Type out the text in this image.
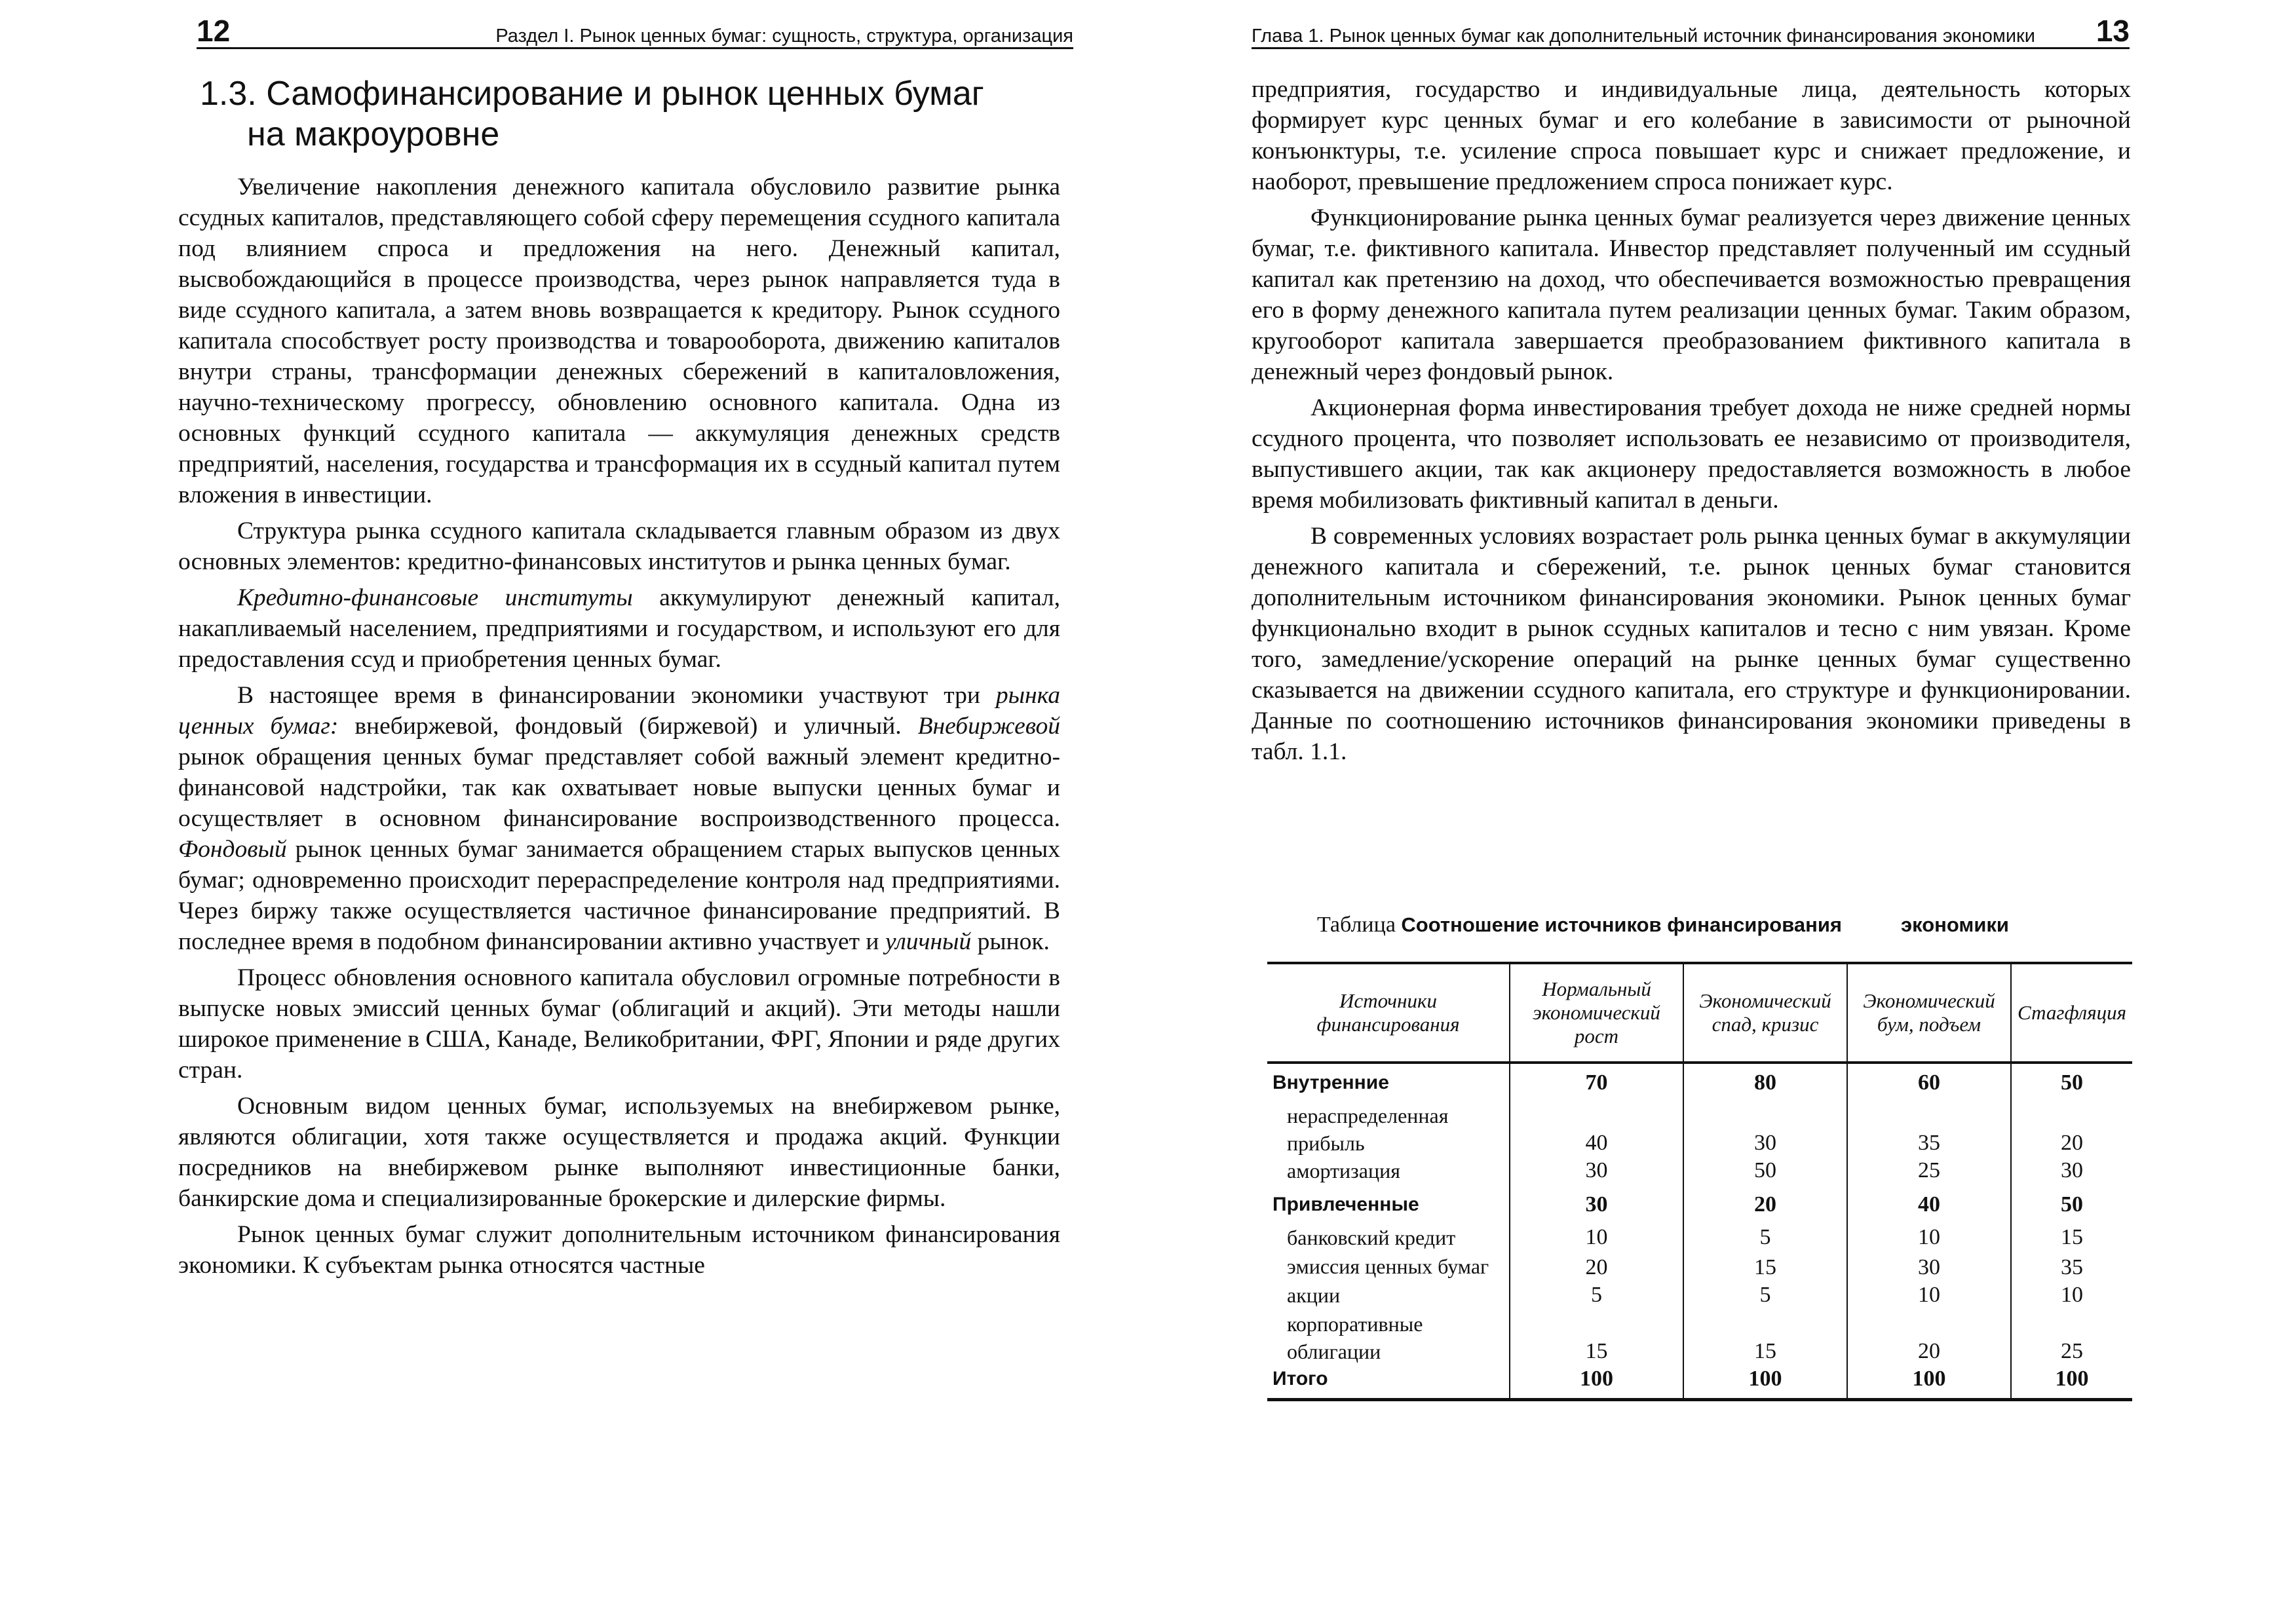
12	Раздел I. Рынок ценных бумаг: сущность, структура, организация
1.3. Самофинансирование и рынок ценных бумаг
на макроуровне

Увеличение накопления денежного капитала обусловило развитие рынка ссудных капиталов, представляющего собой сферу перемещения ссудного капитала под влиянием спроса и предложения на него. Денежный капитал, высвобождающийся в процессе производства, через рынок направляется туда в виде ссудного капитала, а затем вновь возвращается к кредитору. Рынок ссудного капитала способствует росту производства и товарооборота, движению капиталов внутри страны, трансформации денежных сбережений в капиталовложения, научно-техническому прогрессу, обновлению основного капитала. Одна из основных функций ссудного капитала — аккумуляция денежных средств предприятий, населения, государства и трансформация их в ссудный капитал путем вложения в инвестиции.

Структура рынка ссудного капитала складывается главным образом из двух основных элементов: кредитно-финансовых институтов и рынка ценных бумаг.

Кредитно-финансовые институты аккумулируют денежный капитал, накапливаемый населением, предприятиями и государством, и используют его для предоставления ссуд и приобретения ценных бумаг.

В настоящее время в финансировании экономики участвуют три рынка ценных бумаг: внебиржевой, фондовый (биржевой) и уличный. Внебиржевой рынок обращения ценных бумаг представляет собой важный элемент кредитно-финансовой надстройки, так как охватывает новые выпуски ценных бумаг и осуществляет в основном финансирование воспроизводственного процесса. Фондовый рынок ценных бумаг занимается обращением старых выпусков ценных бумаг; одновременно происходит перераспределение контроля над предприятиями. Через биржу также осуществляется частичное финансирование предприятий. В последнее время в подобном финансировании активно участвует и уличный рынок.

Процесс обновления основного капитала обусловил огромные потребности в выпуске новых эмиссий ценных бумаг (облигаций и акций). Эти методы нашли широкое применение в США, Канаде, Великобритании, ФРГ, Японии и ряде других стран.

Основным видом ценных бумаг, используемых на внебиржевом рынке, являются облигации, хотя также осуществляется и продажа акций. Функции посредников на внебиржевом рынке выполняют инвестиционные банки, банкирские дома и специализированные брокерские и дилерские фирмы.

Рынок ценных бумаг служит дополнительным источником финансирования экономики. К субъектам рынка относятся частные

Глава 1. Рынок ценных бумаг как дополнительный источник финансирования экономики 13

предприятия, государство и индивидуальные лица, деятельность которых формирует курс ценных бумаг и его колебание в зависимости от рыночной конъюнктуры, т.е. усиление спроса повышает курс и снижает предложение, и наоборот, превышение предложением спроса понижает курс.

Функционирование рынка ценных бумаг реализуется через движение ценных бумаг, т.е. фиктивного капитала. Инвестор представляет полученный им ссудный капитал как претензию на доход, что обеспечивается возможностью превращения его в форму денежного капитала путем реализации ценных бумаг. Таким образом, кругооборот капитала завершается преобразованием фиктивного капитала в денежный через фондовый рынок.

Акционерная форма инвестирования требует дохода не ниже средней нормы ссудного процента, что позволяет использовать ее независимо от производителя, выпустившего акции, так как акционеру предоставляется возможность в любое время мобилизовать фиктивный капитал в деньги.

В современных условиях возрастает роль рынка ценных бумаг в аккумуляции денежного капитала и сбережений, т.е. рынок ценных бумаг становится дополнительным источником финансирования экономики. Рынок ценных бумаг функционально входит в рынок ссудных капиталов и тесно с ним увязан. Кроме того, замедление/ускорение операций на рынке ценных бумаг существенно сказывается на движении ссудного капитала, его структуре и функционировании. Данные по соотношению источников финансирования экономики приведены в табл. 1.1.

Таблица Соотношение источников финансирования	экономики
Источники финансирования	Нормальный экономический рост	Экономический спад, кризис	Экономический бум, подъем	Стагфляция
Внутренние	70	80	60	50
нераспределенная прибыль	40	30	35	20
амортизация	30	50	25	30
Привлеченные	30	20	40	50
банковский кредит	10	5	10	15
эмиссия ценных бумаг	20	15	30	35
акции	5	5	10	10
корпоративные облигации	15	15	20	25
Итого	100	100	100	100
